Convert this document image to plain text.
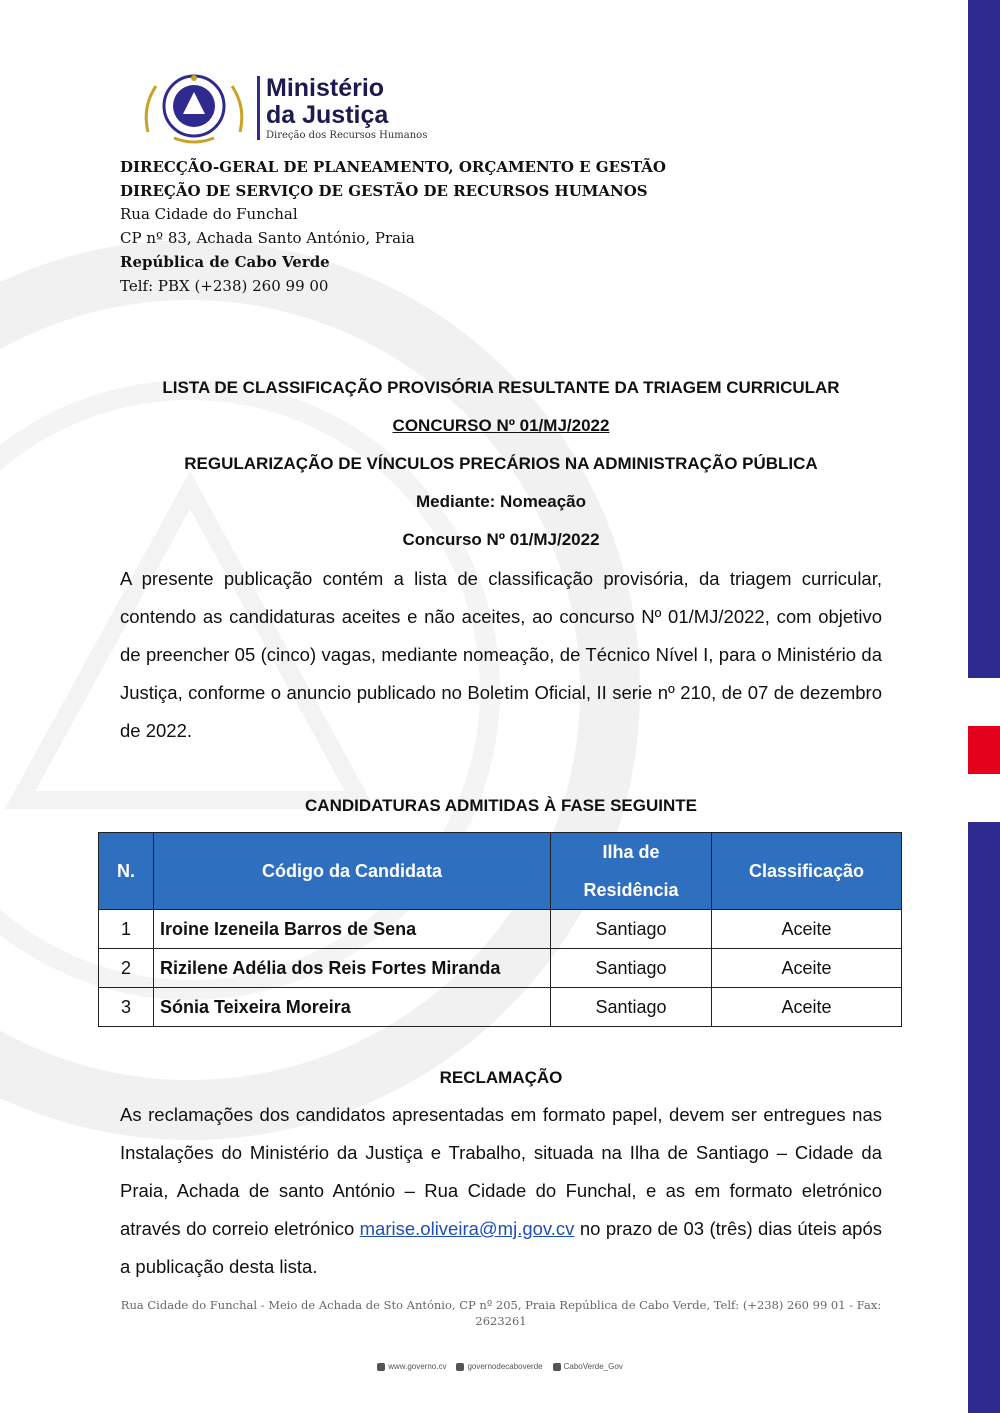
Ministério
da Justiça
Direção dos Recursos Humanos
DIRECÇÃO-GERAL DE PLANEAMENTO, ORÇAMENTO E GESTÃO
DIREÇÃO DE SERVIÇO DE GESTÃO DE RECURSOS HUMANOS
Rua Cidade do Funchal
CP nº 83, Achada Santo António, Praia
República de Cabo Verde
Telf: PBX (+238) 260 99 00
LISTA DE CLASSIFICAÇÃO PROVISÓRIA RESULTANTE DA TRIAGEM CURRICULAR
CONCURSO Nº 01/MJ/2022
REGULARIZAÇÃO DE VÍNCULOS PRECÁRIOS NA ADMINISTRAÇÃO PÚBLICA
Mediante: Nomeação
Concurso Nº 01/MJ/2022
A presente publicação contém a lista de classificação provisória, da triagem curricular, contendo as candidaturas aceites e não aceites, ao concurso Nº 01/MJ/2022, com objetivo de preencher 05 (cinco) vagas, mediante nomeação, de Técnico Nível I, para o Ministério da Justiça, conforme o anuncio publicado no Boletim Oficial, II serie nº 210, de 07 de dezembro de 2022.
CANDIDATURAS ADMITIDAS À FASE SEGUINTE
N.	Código da Candidata	Ilha de Residência	Classificação
1	Iroine Izeneila Barros de Sena	Santiago	Aceite
2	Rizilene Adélia dos Reis Fortes Miranda	Santiago	Aceite
3	Sónia Teixeira Moreira	Santiago	Aceite
RECLAMAÇÃO
As reclamações dos candidatos apresentadas em formato papel, devem ser entregues nas Instalações do Ministério da Justiça e Trabalho, situada na Ilha de Santiago – Cidade da Praia, Achada de santo António – Rua Cidade do Funchal, e as em formato eletrónico através do correio eletrónico marise.oliveira@mj.gov.cv no prazo de 03 (três) dias úteis após a publicação desta lista.
Rua Cidade do Funchal - Meio de Achada de Sto António, CP nº 205, Praia República de Cabo Verde, Telf: (+238) 260 99 01 - Fax: 2623261
www.governo.cv	governodecaboverde	CaboVerde_Gov
